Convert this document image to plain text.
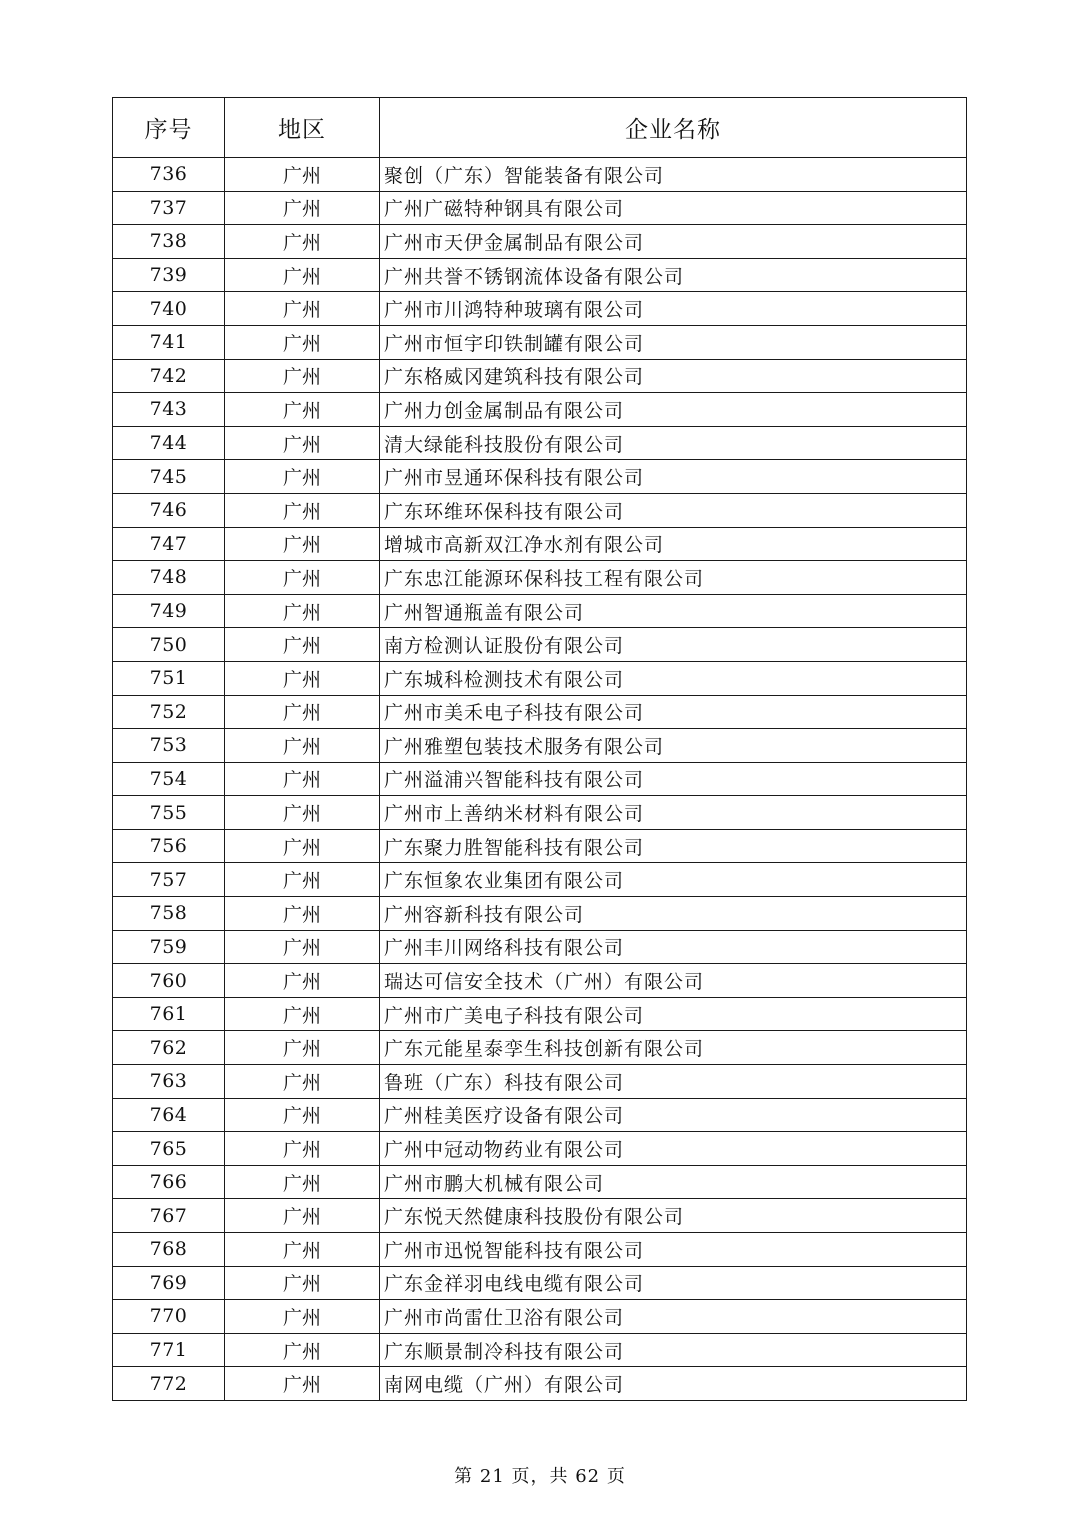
序号	地区	企业名称
736	广州	聚创（广东）智能装备有限公司
737	广州	广州广磁特种钢具有限公司
738	广州	广州市天伊金属制品有限公司
739	广州	广州共誉不锈钢流体设备有限公司
740	广州	广州市川鸿特种玻璃有限公司
741	广州	广州市恒宇印铁制罐有限公司
742	广州	广东格威冈建筑科技有限公司
743	广州	广州力创金属制品有限公司
744	广州	清大绿能科技股份有限公司
745	广州	广州市昱通环保科技有限公司
746	广州	广东环维环保科技有限公司
747	广州	增城市高新双江净水剂有限公司
748	广州	广东忠江能源环保科技工程有限公司
749	广州	广州智通瓶盖有限公司
750	广州	南方检测认证股份有限公司
751	广州	广东城科检测技术有限公司
752	广州	广州市美禾电子科技有限公司
753	广州	广州雅塑包装技术服务有限公司
754	广州	广州溢浦兴智能科技有限公司
755	广州	广州市上善纳米材料有限公司
756	广州	广东聚力胜智能科技有限公司
757	广州	广东恒象农业集团有限公司
758	广州	广州容新科技有限公司
759	广州	广州丰川网络科技有限公司
760	广州	瑞达可信安全技术（广州）有限公司
761	广州	广州市广美电子科技有限公司
762	广州	广东元能星泰孪生科技创新有限公司
763	广州	鲁班（广东）科技有限公司
764	广州	广州桂美医疗设备有限公司
765	广州	广州中冠动物药业有限公司
766	广州	广州市鹏大机械有限公司
767	广州	广东悦天然健康科技股份有限公司
768	广州	广州市迅悦智能科技有限公司
769	广州	广东金祥羽电线电缆有限公司
770	广州	广州市尚雷仕卫浴有限公司
771	广州	广东顺景制冷科技有限公司
772	广州	南网电缆（广州）有限公司
第 21 页，共 62 页
